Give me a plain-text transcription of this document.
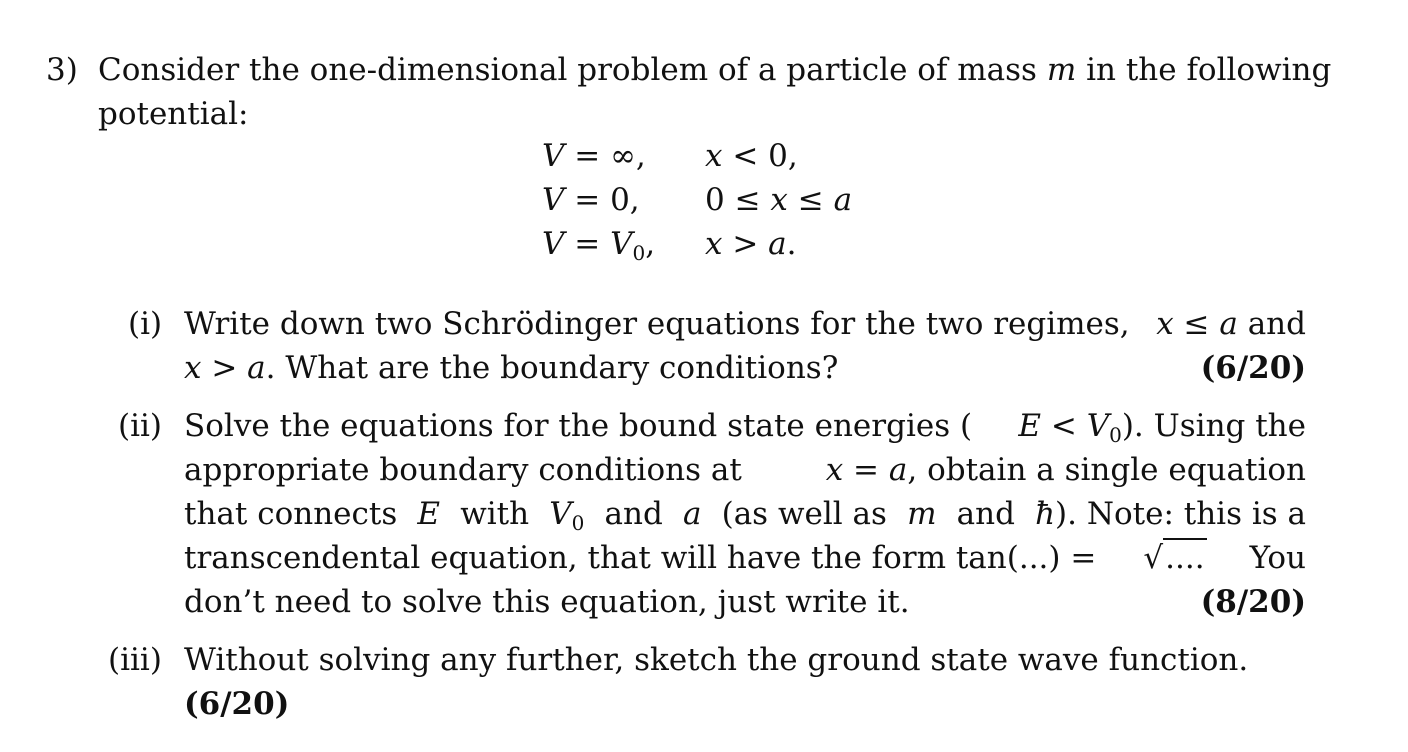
3) Consider the one-dimensional problem of a particle of mass m in the following
potential:
V = ∞, x < 0,
V = 0, 0 ≤ x ≤ a
$V = V_0$, x > a.
(i) Write down two Schrödinger equations for the two regimes, x ≤ a and
x > a. What are the boundary conditions?	(6/20)
(ii) Solve the equations for the bound state energies ( $E < V_0$). Using the
appropriate boundary conditions at	x = a, obtain a single equation
that connects E with $V_0$ and a (as well as m and ħ). Note: this is a
transcendental equation, that will have the form tan(...) = √.... You
don’t need to solve this equation, just write it.	(8/20)
(iii) Without solving any further, sketch the ground state wave function.
(6/20)
